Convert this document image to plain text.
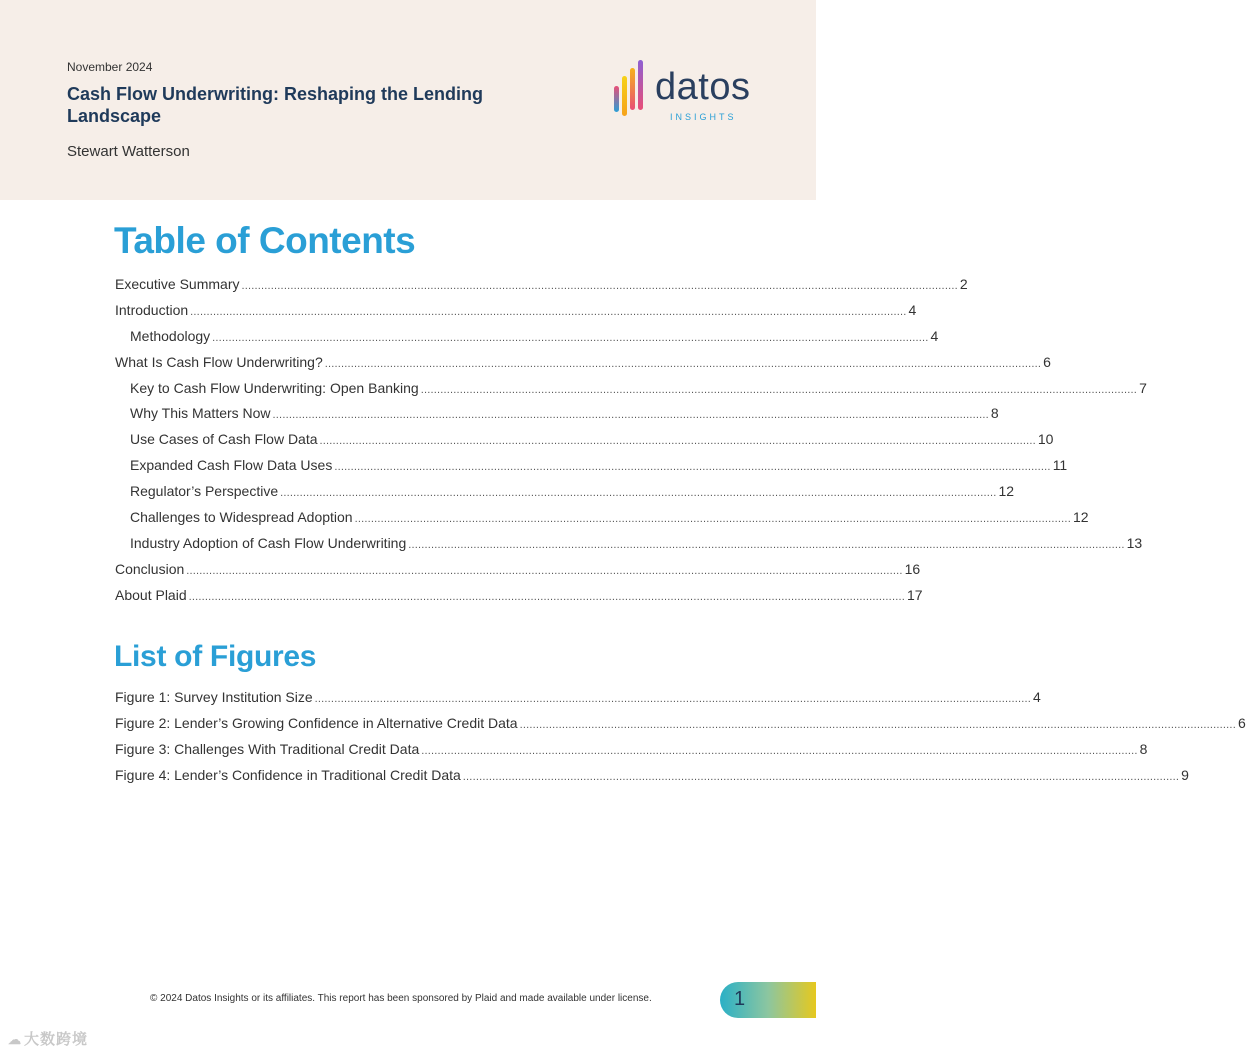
November 2024
Cash Flow Underwriting: Reshaping the Lending Landscape
Stewart Watterson
datos
INSIGHTS
Table of Contents
Executive Summary ............................................................................................................................................................................................................................ 2
Introduction ............................................................................................................................................................................................................................ 4
Methodology ............................................................................................................................................................................................................................ 4
What Is Cash Flow Underwriting? ............................................................................................................................................................................................................................ 6
Key to Cash Flow Underwriting: Open Banking ............................................................................................................................................................................................................................ 7
Why This Matters Now ............................................................................................................................................................................................................................ 8
Use Cases of Cash Flow Data ............................................................................................................................................................................................................................ 10
Expanded Cash Flow Data Uses ............................................................................................................................................................................................................................ 11
Regulator’s Perspective ............................................................................................................................................................................................................................ 12
Challenges to Widespread Adoption ............................................................................................................................................................................................................................ 12
Industry Adoption of Cash Flow Underwriting ............................................................................................................................................................................................................................ 13
Conclusion ............................................................................................................................................................................................................................ 16
About Plaid ............................................................................................................................................................................................................................ 17
List of Figures
Figure 1: Survey Institution Size ............................................................................................................................................................................................................................ 4
Figure 2: Lender’s Growing Confidence in Alternative Credit Data ............................................................................................................................................................................................................................ 6
Figure 3: Challenges With Traditional Credit Data ............................................................................................................................................................................................................................ 8
Figure 4: Lender’s Confidence in Traditional Credit Data ............................................................................................................................................................................................................................ 9
© 2024 Datos Insights or its affiliates. This report has been sponsored by Plaid and made available under license.	1
☁ 大数跨境
